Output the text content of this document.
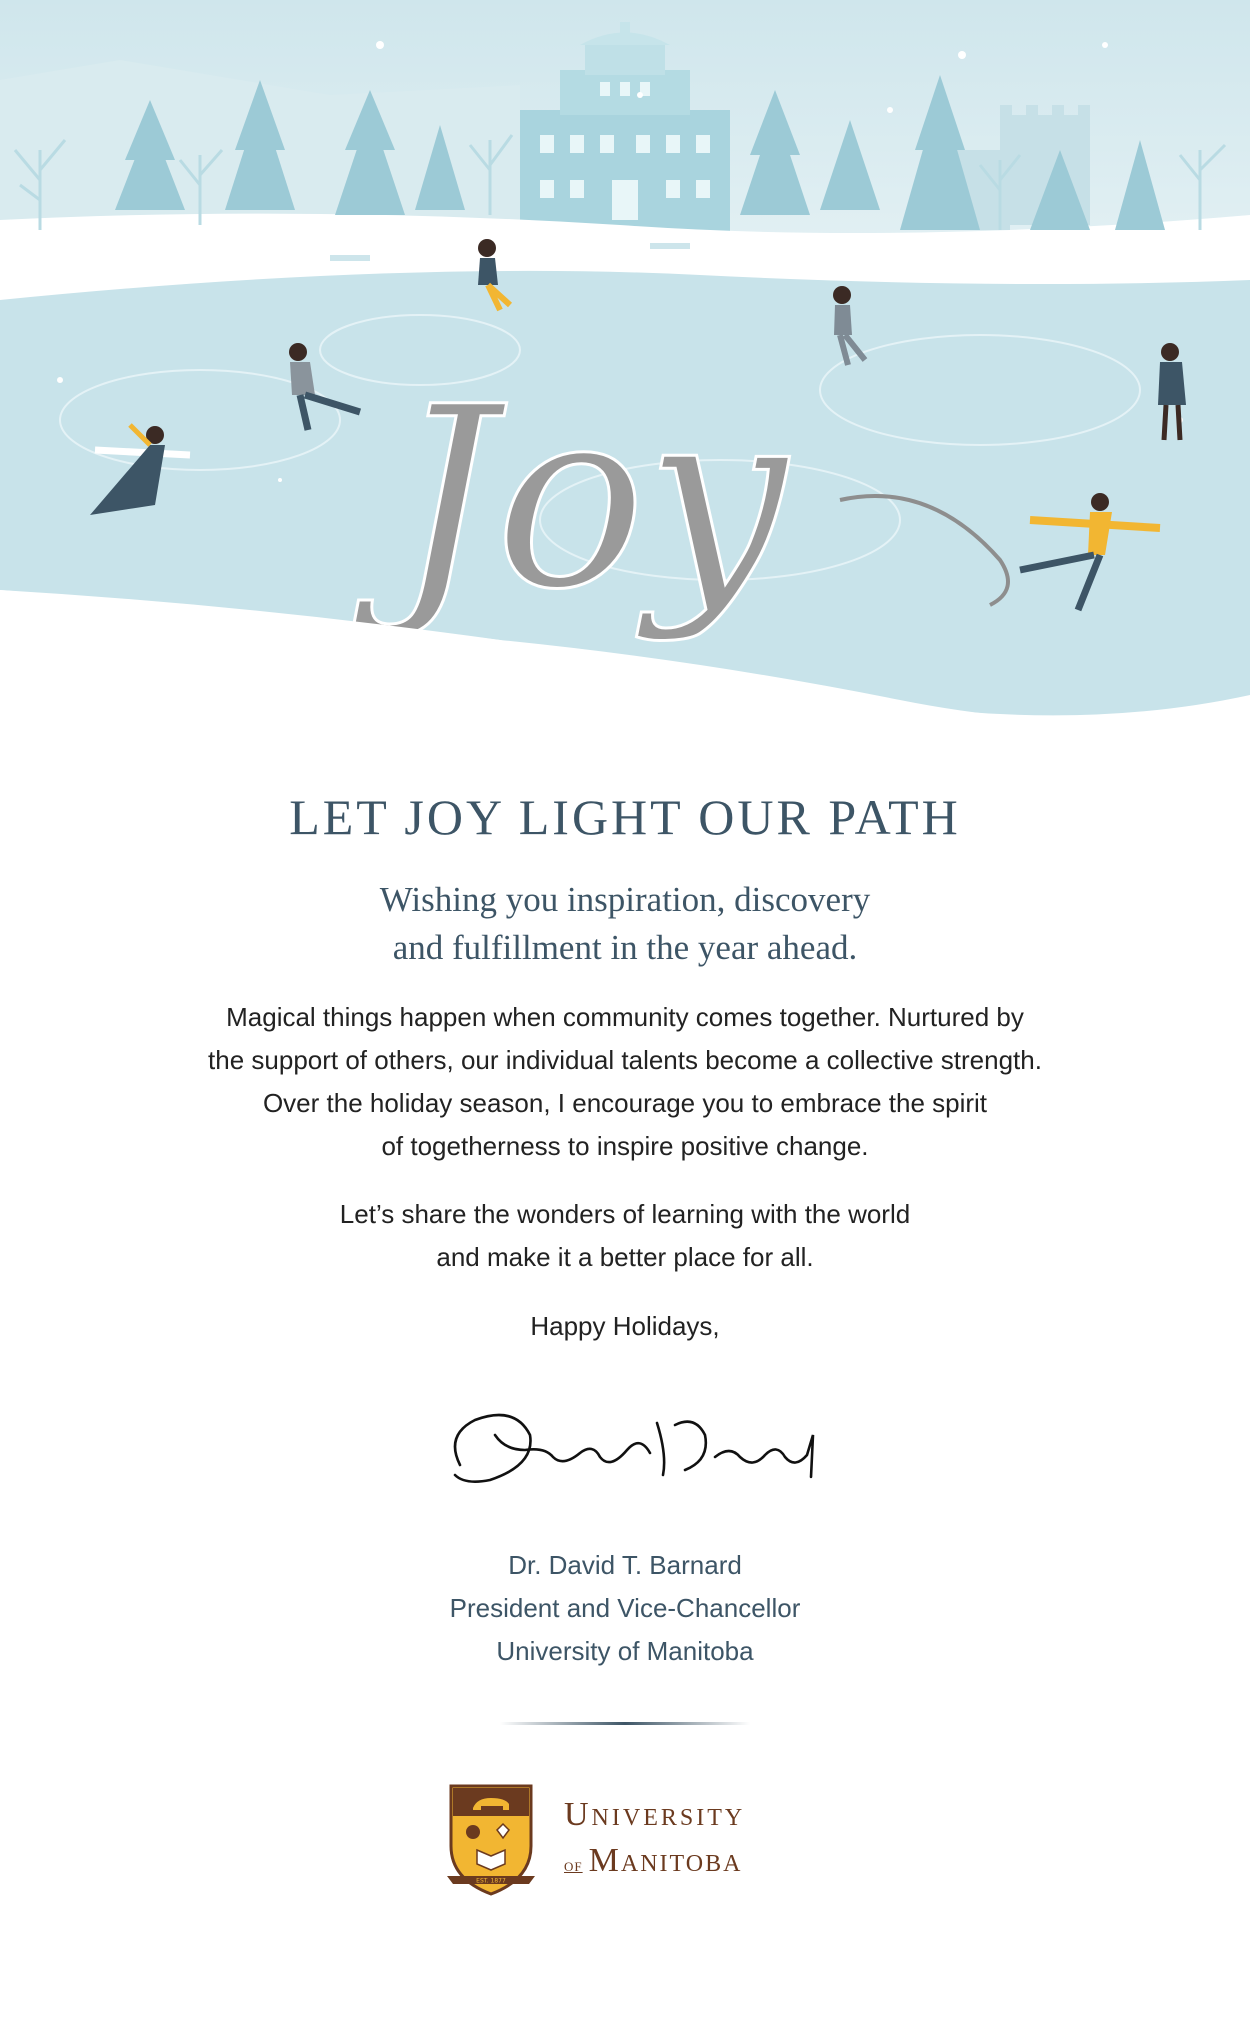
Joy
LET JOY LIGHT OUR PATH
Wishing you inspiration, discovery
and fulfillment in the year ahead.
Magical things happen when community comes together. Nurtured by
the support of others, our individual talents become a collective strength.
Over the holiday season, I encourage you to embrace the spirit
of togetherness to inspire positive change.
Let’s share the wonders of learning with the world
and make it a better place for all.
Happy Holidays,
Dr. David T. Barnard
President and Vice-Chancellor
University of Manitoba
EST. 1877
University
of Manitoba
